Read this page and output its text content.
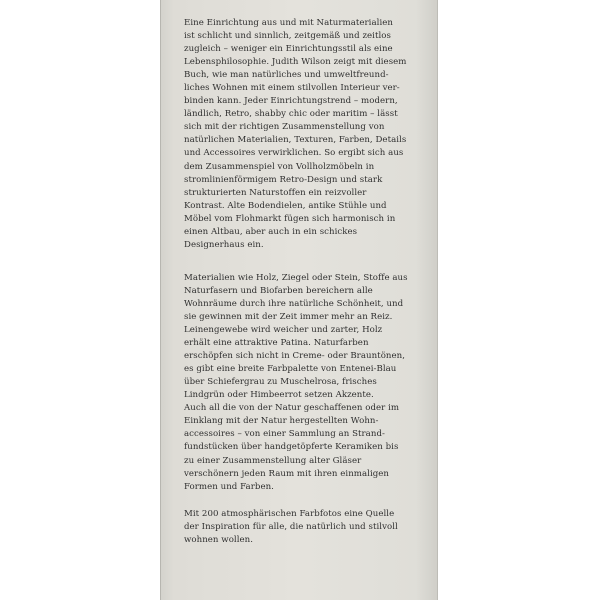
Eine Einrichtung aus und mit Naturmaterialien
ist schlicht und sinnlich, zeitgemäß und zeitlos
zugleich – weniger ein Einrichtungsstil als eine
Lebensphilosophie. Judith Wilson zeigt mit diesem
Buch, wie man natürliches und umweltfreund-
liches Wohnen mit einem stilvollen Interieur ver-
binden kann. Jeder Einrichtungstrend – modern,
ländlich, Retro, shabby chic oder maritim – lässt
sich mit der richtigen Zusammenstellung von
natürlichen Materialien, Texturen, Farben, Details
und Accessoires verwirklichen. So ergibt sich aus
dem Zusammenspiel von Vollholzmöbeln in
stromlinienförmigem Retro-Design und stark
strukturierten Naturstoffen ein reizvoller
Kontrast. Alte Bodendielen, antike Stühle und
Möbel vom Flohmarkt fügen sich harmonisch in
einen Altbau, aber auch in ein schickes
Designerhaus ein.
Materialien wie Holz, Ziegel oder Stein, Stoffe aus
Naturfasern und Biofarben bereichern alle
Wohnräume durch ihre natürliche Schönheit, und
sie gewinnen mit der Zeit immer mehr an Reiz.
Leinengewebe wird weicher und zarter, Holz
erhält eine attraktive Patina. Naturfarben
erschöpfen sich nicht in Creme- oder Brauntönen,
es gibt eine breite Farbpalette von Entenei-Blau
über Schiefergrau zu Muschelrosa, frisches
Lindgrün oder Himbeerrot setzen Akzente.
Auch all die von der Natur geschaffenen oder im
Einklang mit der Natur hergestellten Wohn-
accessoires – von einer Sammlung an Strand-
fundstücken über handgetöpferte Keramiken bis
zu einer Zusammenstellung alter Gläser
verschönern jeden Raum mit ihren einmaligen
Formen und Farben.
Mit 200 atmosphärischen Farbfotos eine Quelle
der Inspiration für alle, die natürlich und stilvoll
wohnen wollen.
